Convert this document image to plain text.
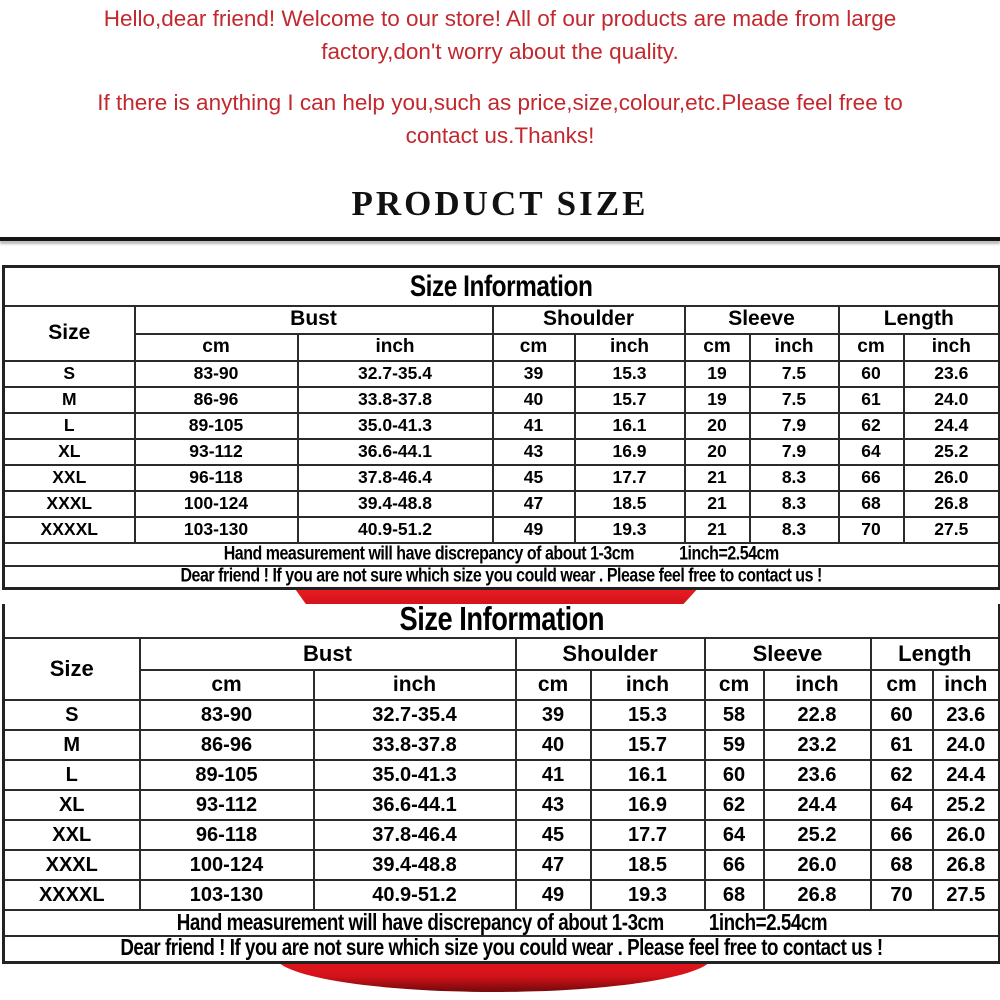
Hello,dear friend! Welcome to our store! All of our products are made from large
factory,don't worry about the quality.
If there is anything I can help you,such as price,size,colour,etc.Please feel free to
contact us.Thanks!
PRODUCT SIZE
Size Information								
Size	Bust		Shoulder		Sleeve		Length	
	cm	inch	cm	inch	cm	inch	cm	inch
S	83-90	32.7-35.4	39	15.3	19	7.5	60	23.6
M	86-96	33.8-37.8	40	15.7	19	7.5	61	24.0
L	89-105	35.0-41.3	41	16.1	20	7.9	62	24.4
XL	93-112	36.6-44.1	43	16.9	20	7.9	64	25.2
XXL	96-118	37.8-46.4	45	17.7	21	8.3	66	26.0
XXXL	100-124	39.4-48.8	47	18.5	21	8.3	68	26.8
XXXXL	103-130	40.9-51.2	49	19.3	21	8.3	70	27.5
Hand measurement will have discrepancy of about 1-3cm 1inch=2.54cm								
Dear friend ! If you are not sure which size you could wear . Please feel free to contact us !								
Size Information								
Size	Bust		Shoulder		Sleeve		Length	
	cm	inch	cm	inch	cm	inch	cm	inch
S	83-90	32.7-35.4	39	15.3	58	22.8	60	23.6
M	86-96	33.8-37.8	40	15.7	59	23.2	61	24.0
L	89-105	35.0-41.3	41	16.1	60	23.6	62	24.4
XL	93-112	36.6-44.1	43	16.9	62	24.4	64	25.2
XXL	96-118	37.8-46.4	45	17.7	64	25.2	66	26.0
XXXL	100-124	39.4-48.8	47	18.5	66	26.0	68	26.8
XXXXL	103-130	40.9-51.2	49	19.3	68	26.8	70	27.5
Hand measurement will have discrepancy of about 1-3cm 1inch=2.54cm								
Dear friend ! If you are not sure which size you could wear . Please feel free to contact us !								
